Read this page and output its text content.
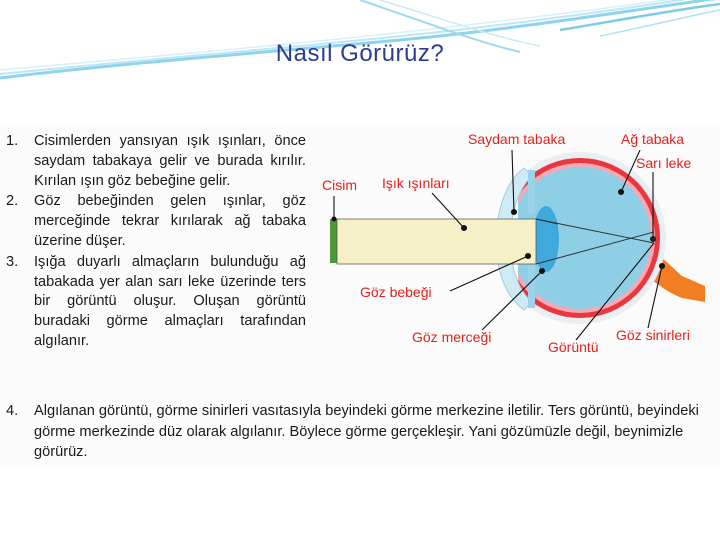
Nasıl Görürüz?
1. Cisimlerden yansıyan ışık ışınları, önce saydam tabakaya gelir ve burada kırılır. Kırılan ışın göz bebeğine gelir.
2. Göz bebeğinden gelen ışınlar, göz merceğinde tekrar kırılarak ağ tabaka üzerine düşer.
3. Işığa duyarlı almaçların bulunduğu ağ tabakada yer alan sarı leke üzerinde ters bir görüntü oluşur. Oluşan görüntü buradaki görme almaçları tarafından algılanır.
4. Algılanan görüntü, görme sinirleri vasıtasıyla beyindeki görme merkezine iletilir. Ters görüntü, beyindeki görme merkezinde düz olarak algılanır. Böylece görme gerçekleşir. Yani gözümüzle değil, beynimizle görürüz.
Saydam tabaka	Ağ tabaka
Sarı leke
Cisim Işık ışınları
Göz bebeği
Göz merceği
Görüntü
Göz sinirleri
